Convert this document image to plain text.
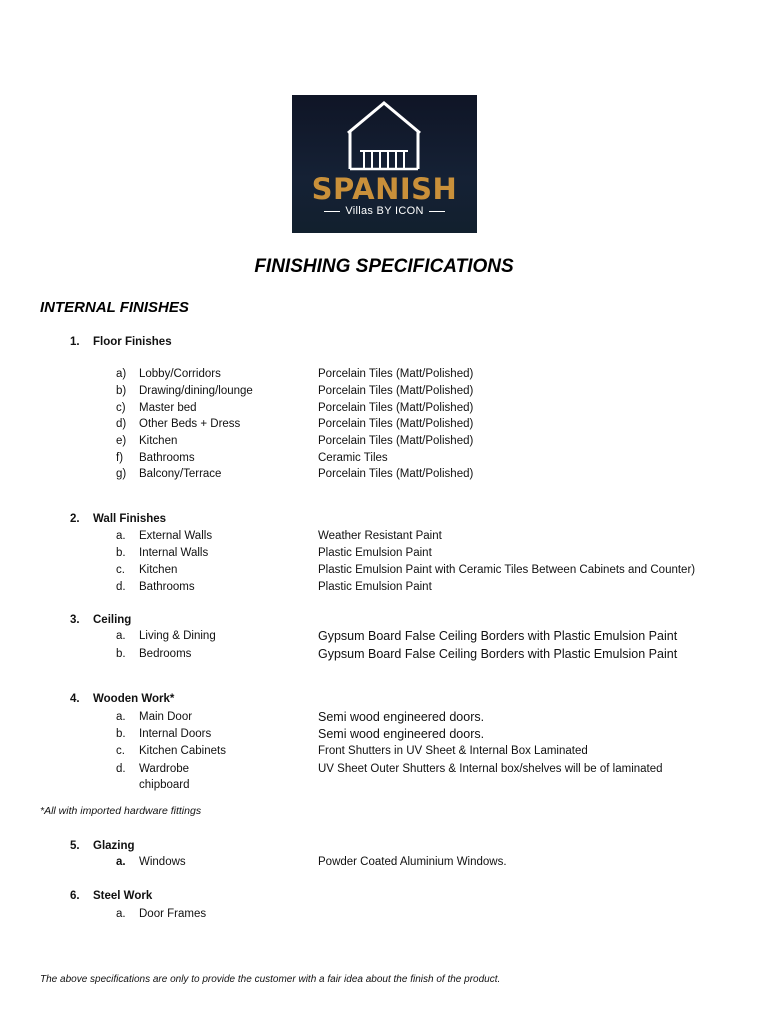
SPANISH
Villas BY ICON
FINISHING SPECIFICATIONS
INTERNAL FINISHES
1. Floor Finishes
a) Lobby/Corridors	Porcelain Tiles (Matt/Polished)
b) Drawing/dining/lounge	Porcelain Tiles (Matt/Polished)
c) Master bed	Porcelain Tiles (Matt/Polished)
d) Other Beds + Dress	Porcelain Tiles (Matt/Polished)
e) Kitchen	Porcelain Tiles (Matt/Polished)
f) Bathrooms	Ceramic Tiles
g) Balcony/Terrace	Porcelain Tiles (Matt/Polished)
2. Wall Finishes
a. External Walls	Weather Resistant Paint
b. Internal Walls	Plastic Emulsion Paint
c. Kitchen	Plastic Emulsion Paint with Ceramic Tiles Between Cabinets and Counter)
d. Bathrooms	Plastic Emulsion Paint
3. Ceiling
a. Living & Dining	Gypsum Board False Ceiling Borders with Plastic Emulsion Paint
b. Bedrooms	Gypsum Board False Ceiling Borders with Plastic Emulsion Paint
4. Wooden Work*
a. Main Door	Semi wood engineered doors.
b. Internal Doors	Semi wood engineered doors.
c. Kitchen Cabinets	Front Shutters in UV Sheet & Internal Box Laminated
d. Wardrobe	UV Sheet Outer Shutters & Internal box/shelves will be of laminated
chipboard
*All with imported hardware fittings
5. Glazing
a. Windows	Powder Coated Aluminium Windows.
6. Steel Work
a. Door Frames
The above specifications are only to provide the customer with a fair idea about the finish of the product.
